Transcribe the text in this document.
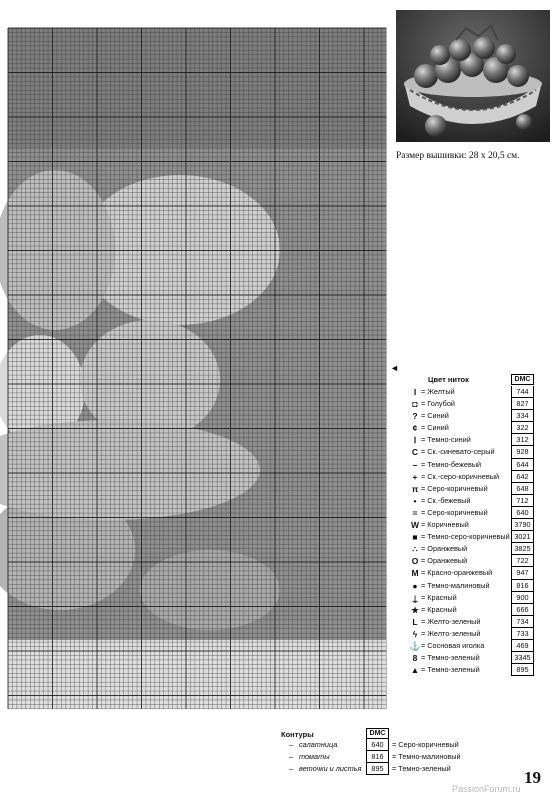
◄
Размер вышивки: 28 х 20,5 см.
Цвет ниток	DMC
I = Желтый	744
◘ = Голубой	827
? = Синий	334
¢ = Синий	322
Ⅰ = Темно-синий	312
C = Ск.-синевато-серый	928
– = Темно-бежевый	644
+ = Ск.-серо-коричневый	642
π = Серо-коричневый	648
• = Ск.-бежевый	712
= = Серо-коричневый	640
W = Коричневый	3790
■ = Темно-серо-коричневый 3021
∴ = Оранжевый	3825
O = Оранжевый	722
M = Красно-оранжевый	947
● = Темно-малиновый	816
⍊ = Красный	900
★ = Красный	666
L = Желто-зеленый	734
ϟ = Желто-зеленый	733
⚓ = Сосновая иголка	469
8 = Темно-зеленый	3345
▲ = Темно-зеленый	895
Контуры	DMC
– салатница	640	= Серо-коричневый
– томаты	816	= Темно-малиновый
– веточки и листья	895	= Темно-зеленый	19
PassionForum.ru
